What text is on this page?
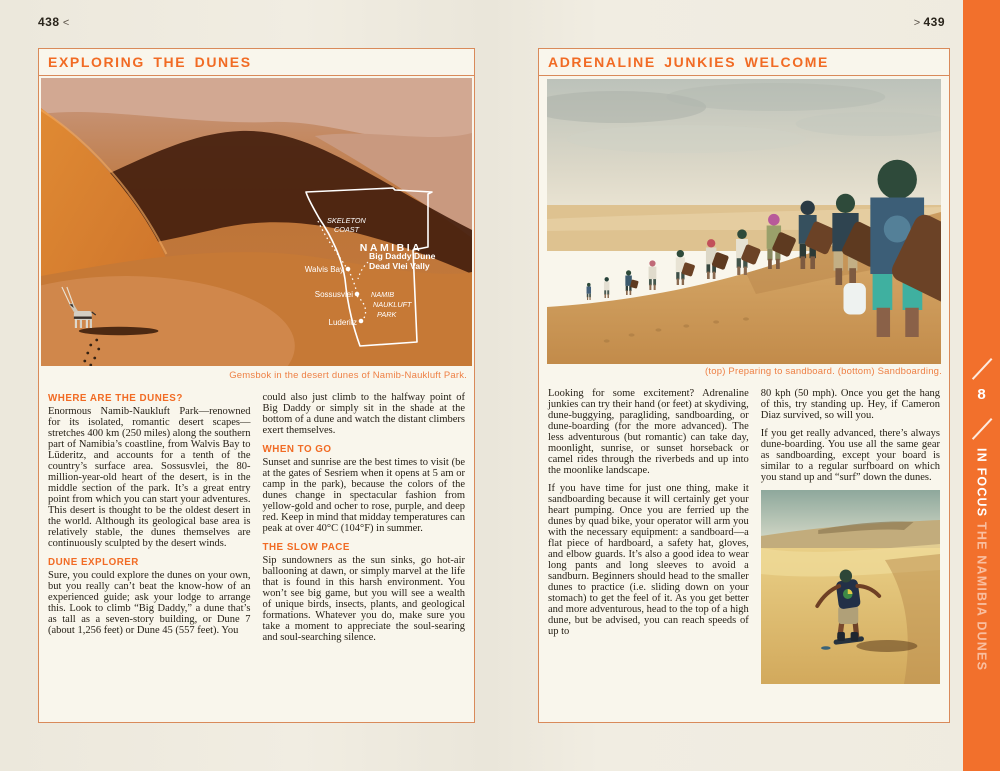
438 <	> 439
EXPLORING THE DUNES
SKELETON
COAST
NAMIBIA
Walvis Bay
Big Daddy Dune
Dead Vlei Vally
Sossusvlei NAMIB
NAUKLUFT
PARK
Luderitz
Gemsbok in the desert dunes of Namib-Naukluft Park.
WHERE ARE THE DUNES?

Enormous Namib-Naukluft Park—renowned for its isolated, romantic desert scapes—stretches 400 km (250 miles) along the southern part of Namibia’s coastline, from Walvis Bay to Lüderitz, and accounts for a tenth of the country’s surface area. Sossusvlei, the 80-million-year-old heart of the desert, is in the middle section of the park. It’s a great entry point from which you can start your adventures. This desert is thought to be the oldest desert in the world. Although its geological base area is relatively stable, the dunes themselves are continuously sculpted by the desert winds.

DUNE EXPLORER

Sure, you could explore the dunes on your own, but you really can’t beat the know-how of an experienced guide; ask your lodge to arrange this. Look to climb “Big Daddy,” a dune that’s as tall as a seven-story building, or Dune 7 (about 1,256 feet) or Dune 45 (557 feet). You

could also just climb to the halfway point of Big Daddy or simply sit in the shade at the bottom of a dune and watch the distant climbers exert themselves.

WHEN TO GO

Sunset and sunrise are the best times to visit (be at the gates of Sesriem when it opens at 5 am or camp in the park), because the colors of the dunes change in spectacular fashion from yellow-gold and ocher to rose, purple, and deep red. Keep in mind that midday temperatures can peak at over 40°C (104°F) in summer.

THE SLOW PACE

Sip sundowners as the sun sinks, go hot-air ballooning at dawn, or simply marvel at the life that is found in this harsh environment. You won’t see big game, but you will see a wealth of unique birds, insects, plants, and geological formations. Whatever you do, make sure you take a moment to appreciate the soul-searing and soul-searching silence.

ADRENALINE JUNKIES WELCOME
(top) Preparing to sandboard. (bottom) Sandboarding.

Looking for some excitement? Adrenaline junkies can try their hand (or feet) at skydiving, dune-buggying, paragliding, sandboarding, or dune-boarding (for the more advanced). The less adventurous (but romantic) can take day, moonlight, sunrise, or sunset horseback or camel rides through the riverbeds and up into the moonlike landscape.

If you have time for just one thing, make it sandboarding because it will certainly get your heart pumping. Once you are ferried up the dunes by quad bike, your operator will arm you with the necessary equipment: a sandboard—a flat piece of hardboard, a safety hat, gloves, and elbow guards. It’s also a good idea to wear long pants and long sleeves to avoid a sandburn. Beginners should head to the smaller dunes to practice (i.e. sliding down on your stomach) to get the feel of it. As you get better and more adventurous, head to the top of a high dune, but be advised, you can reach speeds of up to

80 kph (50 mph). Once you get the hang of this, try standing up. Hey, if Cameron Diaz survived, so will you.

If you get really advanced, there’s always dune-boarding. You use all the same gear as sandboarding, except your board is similar to a regular surfboard on which you stand up and “surf” down the dunes.

8
IN FOCUS THE NAMIBIA DUNES
